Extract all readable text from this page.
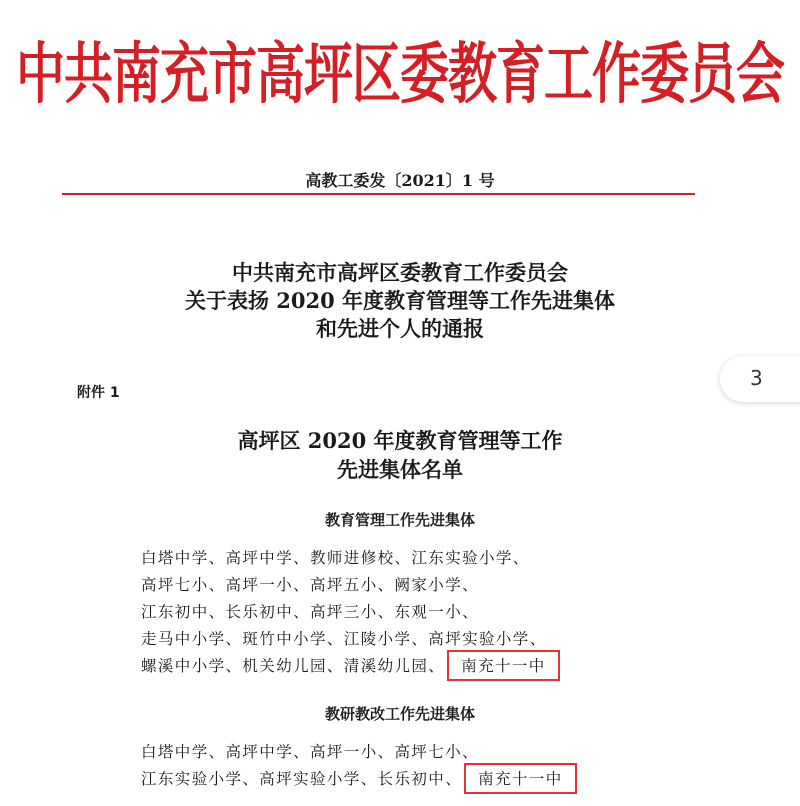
中共南充市高坪区委教育工作委员会
高教工委发〔2021〕1 号
中共南充市高坪区委教育工作委员会
关于表扬 2020 年度教育管理等工作先进集体
和先进个人的通报
3
附件 1
高坪区 2020 年度教育管理等工作
先进集体名单
教育管理工作先进集体
白塔中学、高坪中学、教师进修校、江东实验小学、
高坪七小、高坪一小、高坪五小、阙家小学、
江东初中、长乐初中、高坪三小、东观一小、
走马中小学、斑竹中小学、江陵小学、高坪实验小学、
螺溪中小学、机关幼儿园、清溪幼儿园、 南充十一中
教研教改工作先进集体
白塔中学、高坪中学、高坪一小、高坪七小、
江东实验小学、高坪实验小学、长乐初中、 南充十一中
